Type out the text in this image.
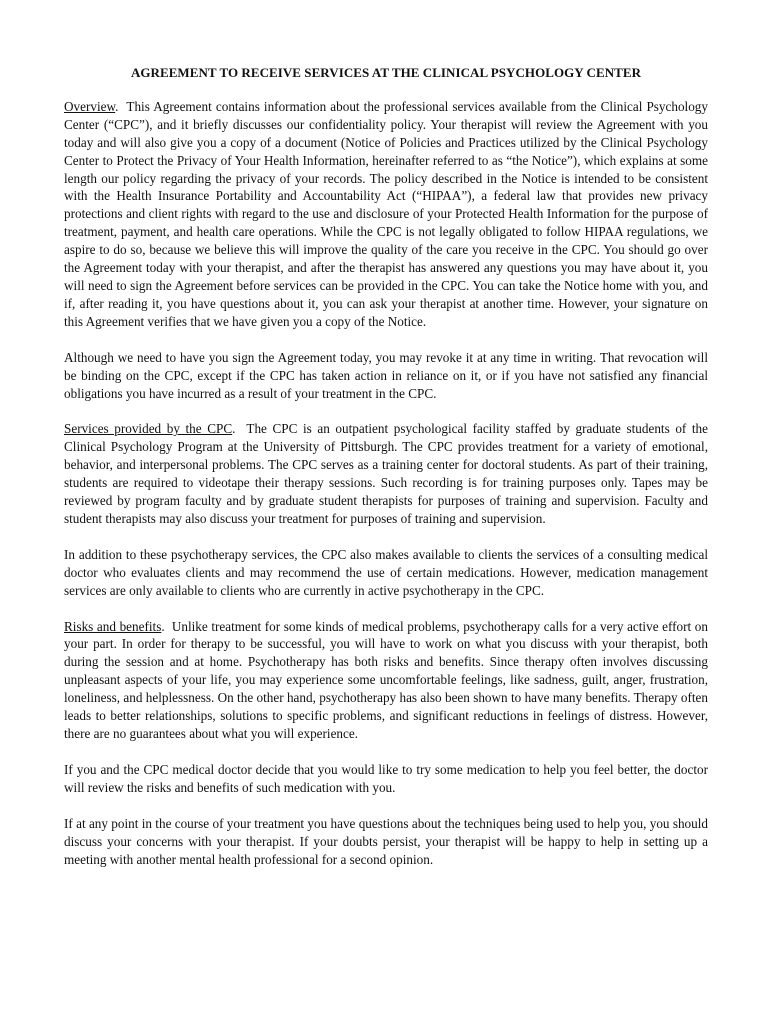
AGREEMENT TO RECEIVE SERVICES AT THE CLINICAL PSYCHOLOGY CENTER

Overview.  This Agreement contains information about the professional services available from the Clinical Psychology Center (“CPC”), and it briefly discusses our confidentiality policy. Your therapist will review the Agreement with you today and will also give you a copy of a document (Notice of Policies and Practices utilized by the Clinical Psychology Center to Protect the Privacy of Your Health Information, hereinafter referred to as “the Notice”), which explains at some length our policy regarding the privacy of your records. The policy described in the Notice is intended to be consistent with the Health Insurance Portability and Accountability Act (“HIPAA”), a federal law that provides new privacy protections and client rights with regard to the use and disclosure of your Protected Health Information for the purpose of treatment, payment, and health care operations. While the CPC is not legally obligated to follow HIPAA regulations, we aspire to do so, because we believe this will improve the quality of the care you receive in the CPC. You should go over the Agreement today with your therapist, and after the therapist has answered any questions you may have about it, you will need to sign the Agreement before services can be provided in the CPC. You can take the Notice home with you, and if, after reading it, you have questions about it, you can ask your therapist at another time. However, your signature on this Agreement verifies that we have given you a copy of the Notice.

Although we need to have you sign the Agreement today, you may revoke it at any time in writing. That revocation will be binding on the CPC, except if the CPC has taken action in reliance on it, or if you have not satisfied any financial obligations you have incurred as a result of your treatment in the CPC.

Services provided by the CPC.  The CPC is an outpatient psychological facility staffed by graduate students of the Clinical Psychology Program at the University of Pittsburgh. The CPC provides treatment for a variety of emotional, behavior, and interpersonal problems. The CPC serves as a training center for doctoral students. As part of their training, students are required to videotape their therapy sessions. Such recording is for training purposes only. Tapes may be reviewed by program faculty and by graduate student therapists for purposes of training and supervision. Faculty and student therapists may also discuss your treatment for purposes of training and supervision.

In addition to these psychotherapy services, the CPC also makes available to clients the services of a consulting medical doctor who evaluates clients and may recommend the use of certain medications. However, medication management services are only available to clients who are currently in active psychotherapy in the CPC.

Risks and benefits.  Unlike treatment for some kinds of medical problems, psychotherapy calls for a very active effort on your part. In order for therapy to be successful, you will have to work on what you discuss with your therapist, both during the session and at home. Psychotherapy has both risks and benefits. Since therapy often involves discussing unpleasant aspects of your life, you may experience some uncomfortable feelings, like sadness, guilt, anger, frustration, loneliness, and helplessness. On the other hand, psychotherapy has also been shown to have many benefits. Therapy often leads to better relationships, solutions to specific problems, and significant reductions in feelings of distress. However, there are no guarantees about what you will experience.

If you and the CPC medical doctor decide that you would like to try some medication to help you feel better, the doctor will review the risks and benefits of such medication with you.

If at any point in the course of your treatment you have questions about the techniques being used to help you, you should discuss your concerns with your therapist. If your doubts persist, your therapist will be happy to help in setting up a meeting with another mental health professional for a second opinion.
